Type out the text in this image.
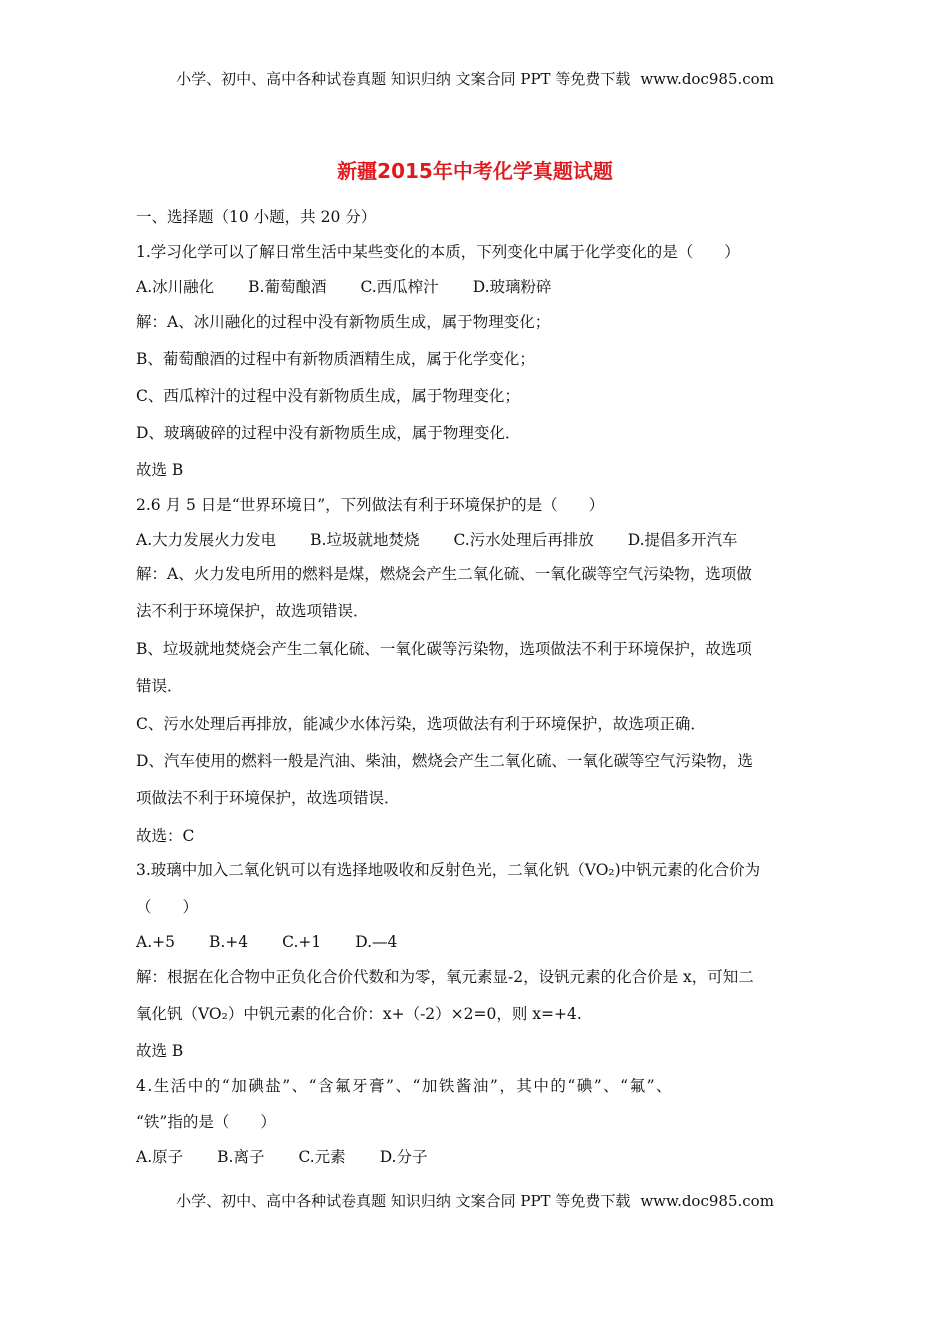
小学、初中、高中各种试卷真题 知识归纳 文案合同 PPT 等免费下载 www.doc985.com
新疆2015年中考化学真题试题
一、选择题（10 小题，共 20 分）
1.学习化学可以了解日常生活中某些变化的本质，下列变化中属于化学变化的是（　　）
A.冰川融化 B.葡萄酿酒 C.西瓜榨汁 D.玻璃粉碎
解：A、冰川融化的过程中没有新物质生成，属于物理变化；
B、葡萄酿酒的过程中有新物质酒精生成，属于化学变化；
C、西瓜榨汁的过程中没有新物质生成，属于物理变化；
D、玻璃破碎的过程中没有新物质生成，属于物理变化．
故选 B
2.6 月 5 日是“世界环境日”，下列做法有利于环境保护的是（　　）
A.大力发展火力发电 B.垃圾就地焚烧 C.污水处理后再排放 D.提倡多开汽车
解：A、火力发电所用的燃料是煤，燃烧会产生二氧化硫、一氧化碳等空气污染物，选项做
法不利于环境保护，故选项错误．
B、垃圾就地焚烧会产生二氧化硫、一氧化碳等污染物，选项做法不利于环境保护，故选项
错误．
C、污水处理后再排放，能减少水体污染，选项做法有利于环境保护，故选项正确．
D、汽车使用的燃料一般是汽油、柴油，燃烧会产生二氧化硫、一氧化碳等空气污染物，选
项做法不利于环境保护，故选项错误．
故选：C
3.玻璃中加入二氧化钒可以有选择地吸收和反射色光，二氧化钒（VO₂)中钒元素的化合价为
（　　）
A.+5 B.+4 C.+1 D.—4
解：根据在化合物中正负化合价代数和为零，氧元素显-2，设钒元素的化合价是 x，可知二
氧化钒（VO₂）中钒元素的化合价：x+（-2）×2=0，则 x=+4.
故选 B
4.生活中的“加碘盐”、“含氟牙膏”、“加铁酱油”，其中的“碘”、“氟”、
“铁”指的是（　　）
A.原子 B.离子 C.元素 D.分子
小学、初中、高中各种试卷真题 知识归纳 文案合同 PPT 等免费下载 www.doc985.com
